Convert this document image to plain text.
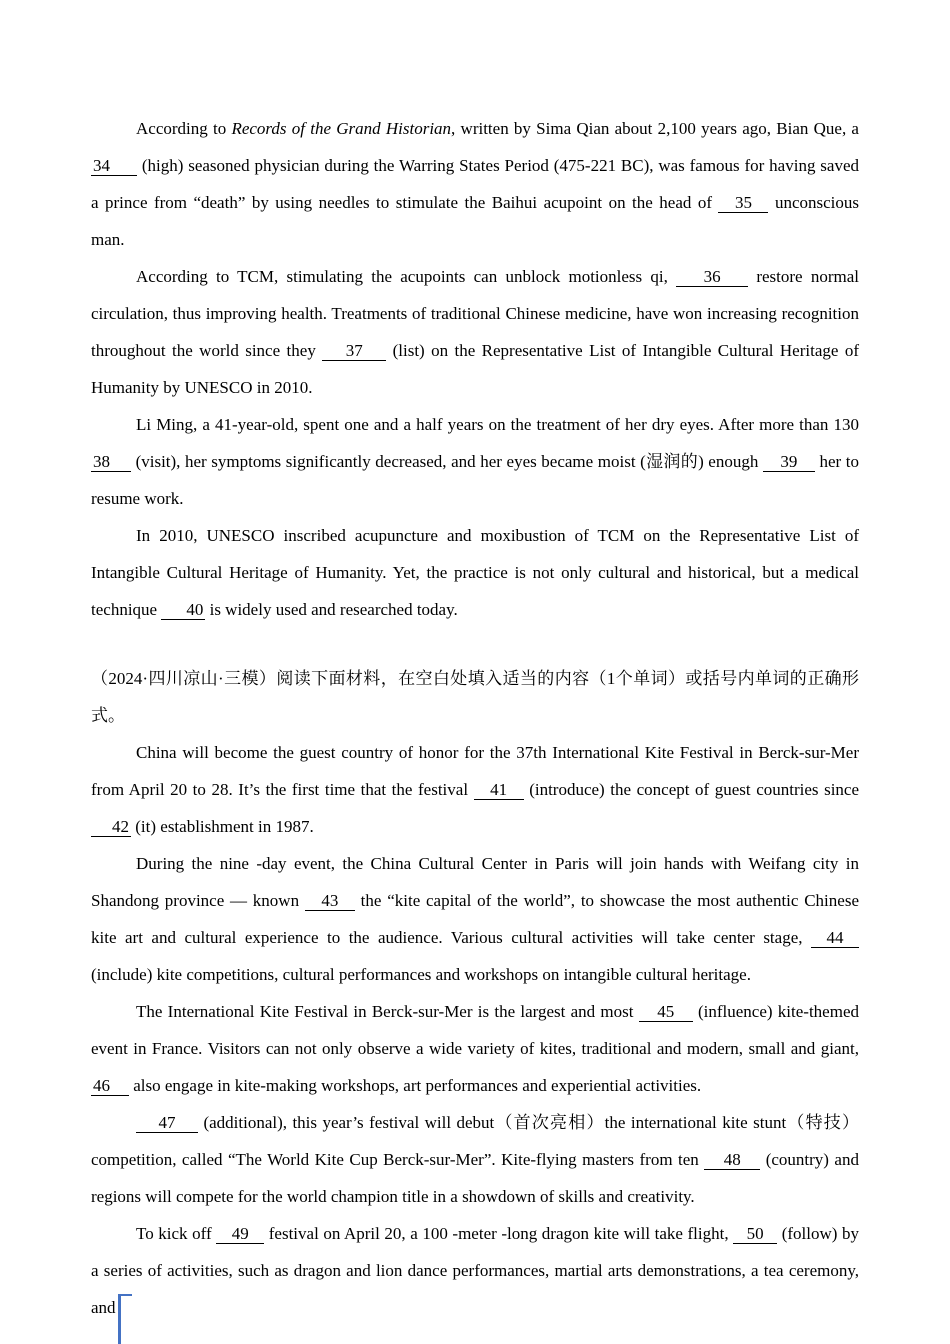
According to Records of the Grand Historian, written by Sima Qian about 2,100 years ago, Bian Que, a 34 (high) seasoned physician during the Warring States Period (475-221 BC), was famous for having saved a prince from “death” by using needles to stimulate the Baihui acupoint on the head of 35 unconscious man.

According to TCM, stimulating the acupoints can unblock motionless qi, 36 restore normal circulation, thus improving health. Treatments of traditional Chinese medicine, have won increasing recognition throughout the world since they 37 (list) on the Representative List of Intangible Cultural Heritage of Humanity by UNESCO in 2010.

Li Ming, a 41-year-old, spent one and a half years on the treatment of her dry eyes. After more than 130 38 (visit), her symptoms significantly decreased, and her eyes became moist (湿润的) enough 39 her to resume work.

In 2010, UNESCO inscribed acupuncture and moxibustion of TCM on the Representative List of Intangible Cultural Heritage of Humanity. Yet, the practice is not only cultural and historical, but a medical technique 40 is widely used and researched today.

（2024·四川凉山·三模）阅读下面材料，在空白处填入适当的内容（1个单词）或括号内单词的正确形式。

China will become the guest country of honor for the 37th International Kite Festival in Berck-sur-Mer from April 20 to 28. It’s the first time that the festival 41 (introduce) the concept of guest countries since 42 (it) establishment in 1987.

During the nine -day event, the China Cultural Center in Paris will join hands with Weifang city in Shandong province — known 43 the “kite capital of the world”, to showcase the most authentic Chinese kite art and cultural experience to the audience. Various cultural activities will take center stage, 44 (include) kite competitions, cultural performances and workshops on intangible cultural heritage.

The International Kite Festival in Berck-sur-Mer is the largest and most 45 (influence) kite-themed event in France. Visitors can not only observe a wide variety of kites, traditional and modern, small and giant, 46 also engage in kite-making workshops, art performances and experiential activities.

47 (additional), this year’s festival will debut（首次亮相）the international kite stunt（特技）competition, called “The World Kite Cup Berck-sur-Mer”. Kite-flying masters from ten 48 (country) and regions will compete for the world champion title in a showdown of skills and creativity.

To kick off 49 festival on April 20, a 100 -meter -long dragon kite will take flight, 50 (follow) by a series of activities, such as dragon and lion dance performances, martial arts demonstrations, a tea ceremony, and
